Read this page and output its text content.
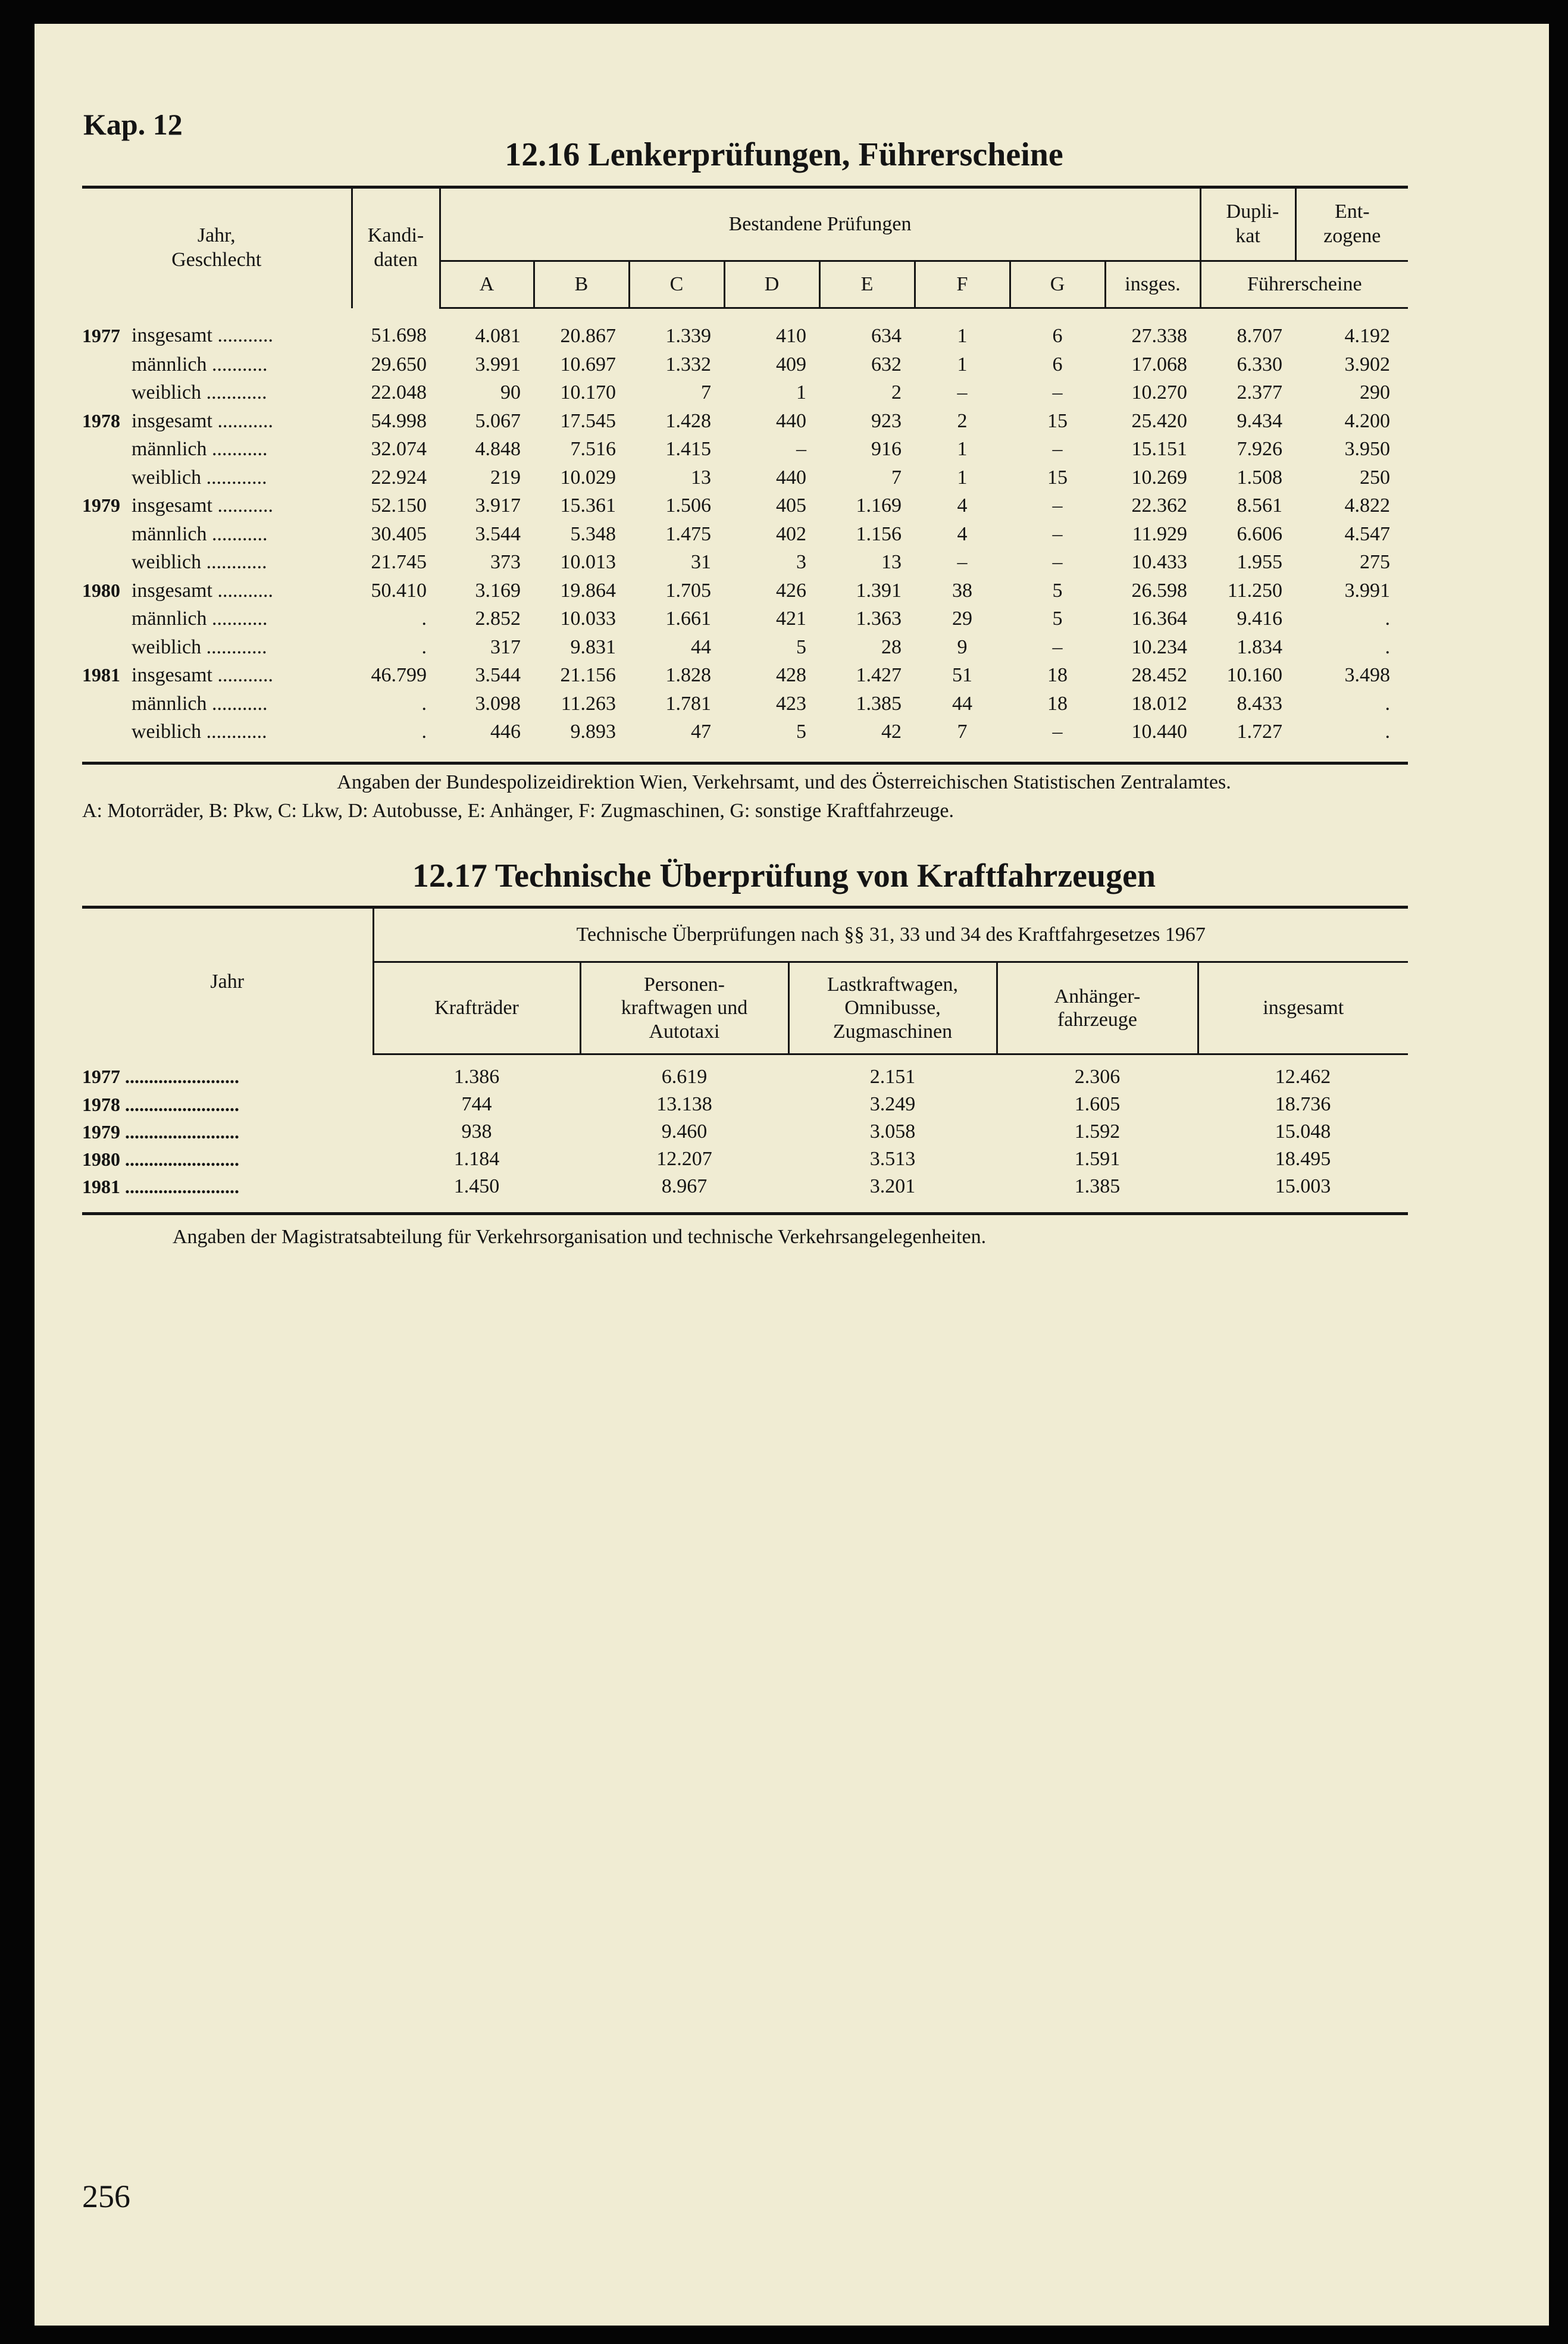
Kap. 12
12.16 Lenkerprüfungen, Führerscheine
Jahr, Geschlecht		Kandi- daten	Bestandene Prüfungen								Dupli- kat	Ent- zogene
			A	B	C	D	E	F	G	insges.	Führerscheine	
1977	insgesamt ...........	51.698	4.081	20.867	1.339	410	634	1	6	27.338	8.707	4.192
	männlich ...........	29.650	3.991	10.697	1.332	409	632	1	6	17.068	6.330	3.902
	weiblich ............	22.048	90	10.170	7	1	2	–	–	10.270	2.377	290
1978	insgesamt ...........	54.998	5.067	17.545	1.428	440	923	2	15	25.420	9.434	4.200
	männlich ...........	32.074	4.848	7.516	1.415	–	916	1	–	15.151	7.926	3.950
	weiblich ............	22.924	219	10.029	13	440	7	1	15	10.269	1.508	250
1979	insgesamt ...........	52.150	3.917	15.361	1.506	405	1.169	4	–	22.362	8.561	4.822
	männlich ...........	30.405	3.544	5.348	1.475	402	1.156	4	–	11.929	6.606	4.547
	weiblich ............	21.745	373	10.013	31	3	13	–	–	10.433	1.955	275
1980	insgesamt ...........	50.410	3.169	19.864	1.705	426	1.391	38	5	26.598	11.250	3.991
	männlich ...........	.	2.852	10.033	1.661	421	1.363	29	5	16.364	9.416	.
	weiblich ............	.	317	9.831	44	5	28	9	–	10.234	1.834	.
1981	insgesamt ...........	46.799	3.544	21.156	1.828	428	1.427	51	18	28.452	10.160	3.498
	männlich ...........	.	3.098	11.263	1.781	423	1.385	44	18	18.012	8.433	.
	weiblich ............	.	446	9.893	47	5	42	7	–	10.440	1.727	.
Angaben der Bundespolizeidirektion Wien, Verkehrsamt, und des Österreichischen Statistischen Zentralamtes.
A: Motorräder, B: Pkw, C: Lkw, D: Autobusse, E: Anhänger, F: Zugmaschinen, G: sonstige Kraftfahrzeuge.
12.17 Technische Überprüfung von Kraftfahrzeugen
Jahr	Technische Überprüfungen nach §§ 31, 33 und 34 des Kraftfahrgesetzes 1967				
	Krafträder	Personen- kraftwagen und Autotaxi	Lastkraftwagen, Omnibusse, Zugmaschinen	Anhänger- fahrzeuge	insgesamt
1977 ........................	1.386	6.619	2.151	2.306	12.462
1978 ........................	744	13.138	3.249	1.605	18.736
1979 ........................	938	9.460	3.058	1.592	15.048
1980 ........................	1.184	12.207	3.513	1.591	18.495
1981 ........................	1.450	8.967	3.201	1.385	15.003
Angaben der Magistratsabteilung für Verkehrsorganisation und technische Verkehrsangelegenheiten.
256
